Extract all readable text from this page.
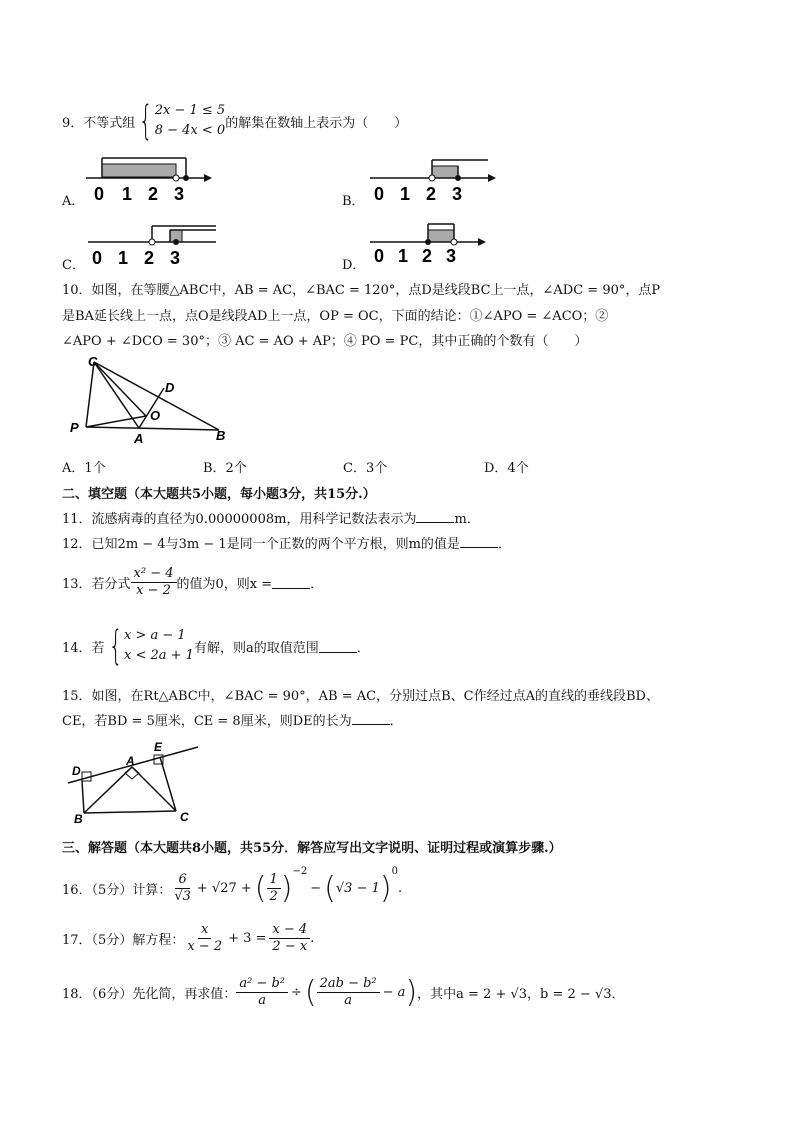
9．不等式组 { 2x − 1 ≤ 5
8 − 4x < 0 的解集在数轴上表示为（　　）
A． 0 1 2 3	B． 0 1 2 3
C． 0 1 2 3	D． 0 1 2 3
10．如图，在等腰△ABC中，AB = AC，∠BAC = 120°，点D是线段BC上一点，∠ADC = 90°，点P
是BA延长线上一点，点O是线段AD上一点，OP = OC，下面的结论：①∠APO = ∠ACO；②
∠APO + ∠DCO = 30°；③ AC = AO + AP；④ PO = PC，其中正确的个数有（　　）
C
D
O
P
A	B
A．1个	B．2个	C．3个	D．4个
二、填空题（本大题共5小题，每小题3分，共15分.）
11．流感病毒的直径为0.00000008m，用科学记数法表示为	m．
12．已知2m − 4与3m − 1是同一个正数的两个平方根，则m的值是	．
13．若分式 $\frac{\text{x² − 4}}{x - 2}$ 的值为0，则x =	．
14．若 { x > a − 1
x < 2a + 1 有解，则a的取值范围	．
15．如图，在Rt△ABC中，∠BAC = 90°，AB = AC，分别过点B、C作经过点A的直线的垂线段BD、
CE，若BD = 5厘米，CE = 8厘米，则DE的长为	．
A
E
D
B	C
三、解答题（本大题共8小题，共55分．解答应写出文字说明、证明过程或演算步骤.）
16．（5分）计算： $\frac{6}{√3} + √27$ + ( $\frac{1}{2} )^{-2}$
− ( √3 − 1 )$^0$
.
17．（5分）解方程： $\frac{x}{x - 2} + 3 = \frac{x - 4}{2 - x}$ .
18．（6分）先化简，再求值： $\frac{\text{a² − b²}}{a}$ ÷ ( $\frac{\text{2ab − b²}}{a} - a$ ) ，其中a = 2 + √3，b = 2 − √3．
